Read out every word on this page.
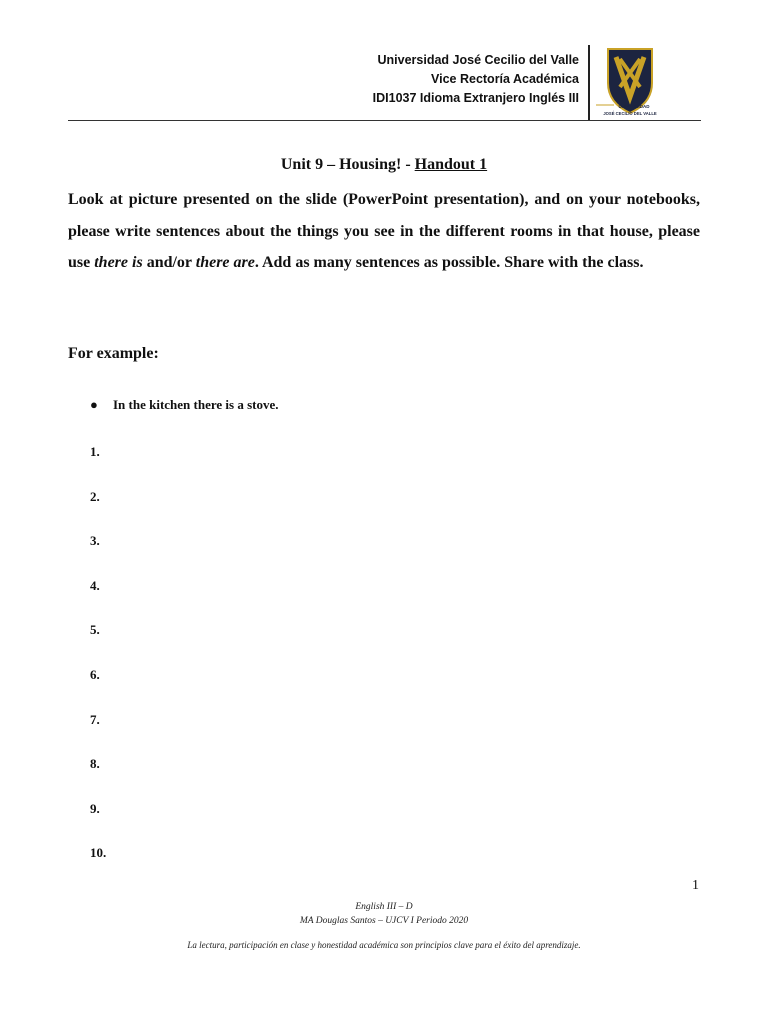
Universidad José Cecilio del Valle
Vice Rectoría Académica
IDI1037 Idioma Extranjero Inglés III
UNIVERSIDAD
JOSÉ CECILIO DEL VALLE
Unit 9 – Housing! - Handout 1
Look at picture presented on the slide (PowerPoint presentation), and on your notebooks, please write sentences about the things you see in the different rooms in that house, please use there is and/or there are. Add as many sentences as possible. Share with the class.
For example:
● In the kitchen there is a stove.
1.
2.
3.
4.
5.
6.
7.
8.
9.
10.
1
English III – D
MA Douglas Santos – UJCV I Periodo 2020
La lectura, participación en clase y honestidad académica son principios clave para el éxito del aprendizaje.
